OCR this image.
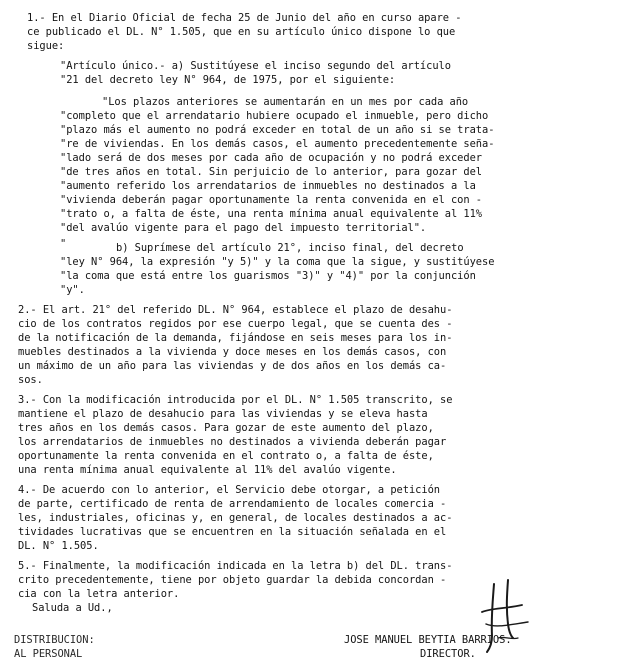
1.- En el Diario Oficial de fecha 25 de Junio del año en curso apare -
ce publicado el DL. N° 1.505, que en su artículo único dispone lo que
sigue:
"Artículo único.- a) Sustitúyese el inciso segundo del artículo
"21 del decreto ley N° 964, de 1975, por el siguiente:
"Los plazos anteriores se aumentarán en un mes por cada año
"completo que el arrendatario hubiere ocupado el inmueble, pero dicho
"plazo más el aumento no podrá exceder en total de un año si se trata-
"re de viviendas. En los demás casos, el aumento precedentemente seña-
"lado será de dos meses por cada año de ocupación y no podrá exceder
"de tres años en total. Sin perjuicio de lo anterior, para gozar del
"aumento referido los arrendatarios de inmuebles no destinados a la
"vivienda deberán pagar oportunamente la renta convenida en el con -
"trato o, a falta de éste, una renta mínima anual equivalente al 11%
"del avalúo vigente para el pago del impuesto territorial".
"	b) Suprímese del artículo 21°, inciso final, del decreto
"ley N° 964, la expresión "y 5)" y la coma que la sigue, y sustitúyese
"la coma que está entre los guarismos "3)" y "4)" por la conjunción
"y".
2.- El art. 21° del referido DL. N° 964, establece el plazo de desahu-
cio de los contratos regidos por ese cuerpo legal, que se cuenta des -
de la notificación de la demanda, fijándose en seis meses para los in-
muebles destinados a la vivienda y doce meses en los demás casos, con
un máximo de un año para las viviendas y de dos años en los demás ca-
sos.
3.- Con la modificación introducida por el DL. N° 1.505 transcrito, se
mantiene el plazo de desahucio para las viviendas y se eleva hasta
tres años en los demás casos. Para gozar de este aumento del plazo,
los arrendatarios de inmuebles no destinados a vivienda deberán pagar
oportunamente la renta convenida en el contrato o, a falta de éste,
una renta mínima anual equivalente al 11% del avalúo vigente.
4.- De acuerdo con lo anterior, el Servicio debe otorgar, a petición
de parte, certificado de renta de arrendamiento de locales comercia -
les, industriales, oficinas y, en general, de locales destinados a ac-
tividades lucrativas que se encuentren en la situación señalada en el
DL. N° 1.505.
5.- Finalmente, la modificación indicada en la letra b) del DL. trans-
crito precedentemente, tiene por objeto guardar la debida concordan -
cia con la letra anterior.
Saluda a Ud.,
DISTRIBUCION:
AL PERSONAL
JOSE MANUEL BEYTIA BARRIOS.
DIRECTOR.
